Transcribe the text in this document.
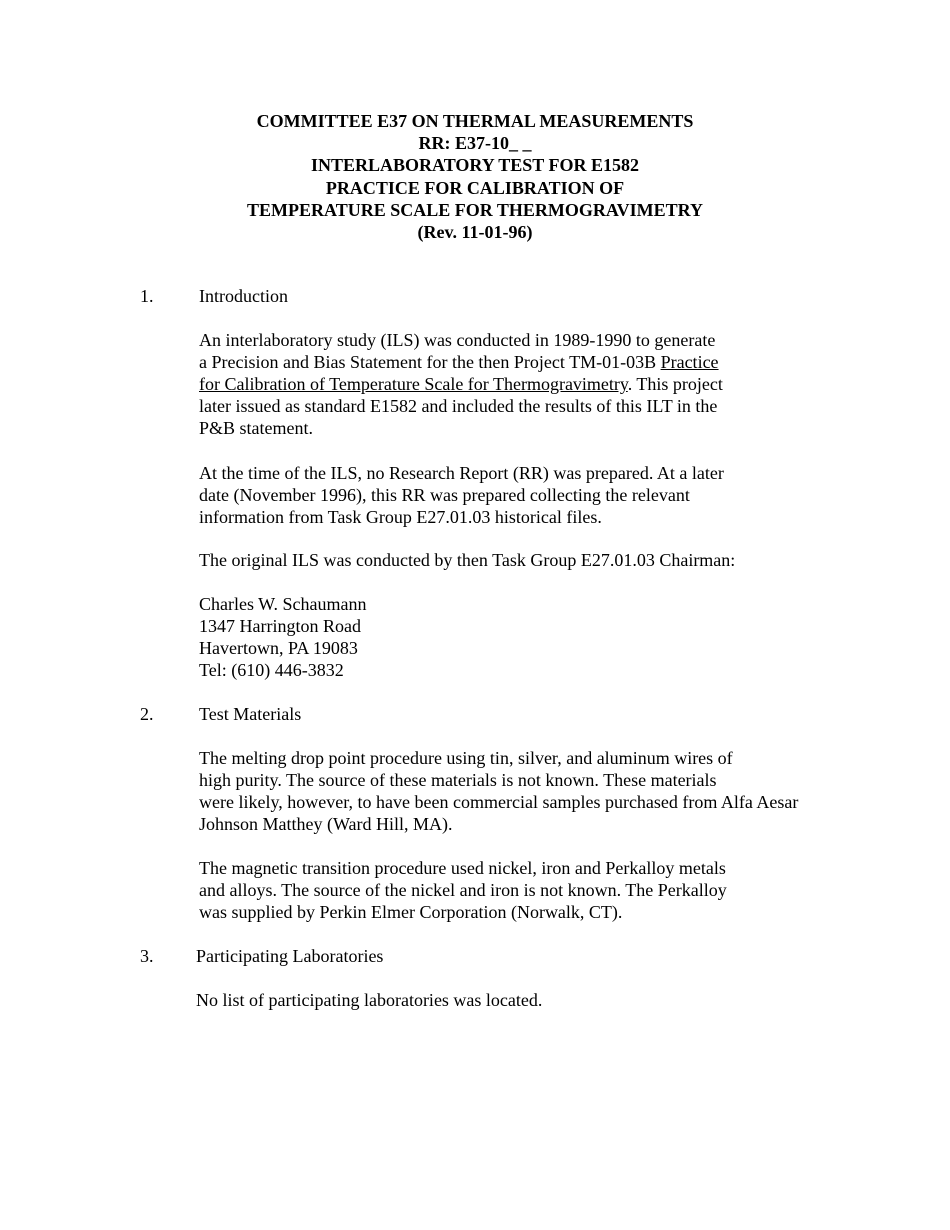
COMMITTEE E37 ON THERMAL MEASUREMENTS
RR: E37-10_ _
INTERLABORATORY TEST FOR E1582
PRACTICE FOR CALIBRATION OF
TEMPERATURE SCALE FOR THERMOGRAVIMETRY
(Rev. 11-01-96)
1.	Introduction
An interlaboratory study (ILS) was conducted in 1989-1990 to generate
a Precision and Bias Statement for the then Project TM-01-03B Practice
for Calibration of Temperature Scale for Thermogravimetry. This project
later issued as standard E1582 and included the results of this ILT in the
P&B statement.
At the time of the ILS, no Research Report (RR) was prepared. At a later
date (November 1996), this RR was prepared collecting the relevant
information from Task Group E27.01.03 historical files.
The original ILS was conducted by then Task Group E27.01.03 Chairman:
Charles W. Schaumann
1347 Harrington Road
Havertown, PA 19083
Tel: (610) 446-3832
2.	Test Materials
The melting drop point procedure using tin, silver, and aluminum wires of
high purity. The source of these materials is not known. These materials
were likely, however, to have been commercial samples purchased from Alfa Aesar
Johnson Matthey (Ward Hill, MA).
The magnetic transition procedure used nickel, iron and Perkalloy metals
and alloys. The source of the nickel and iron is not known. The Perkalloy
was supplied by Perkin Elmer Corporation (Norwalk, CT).
3. Participating Laboratories
No list of participating laboratories was located.
